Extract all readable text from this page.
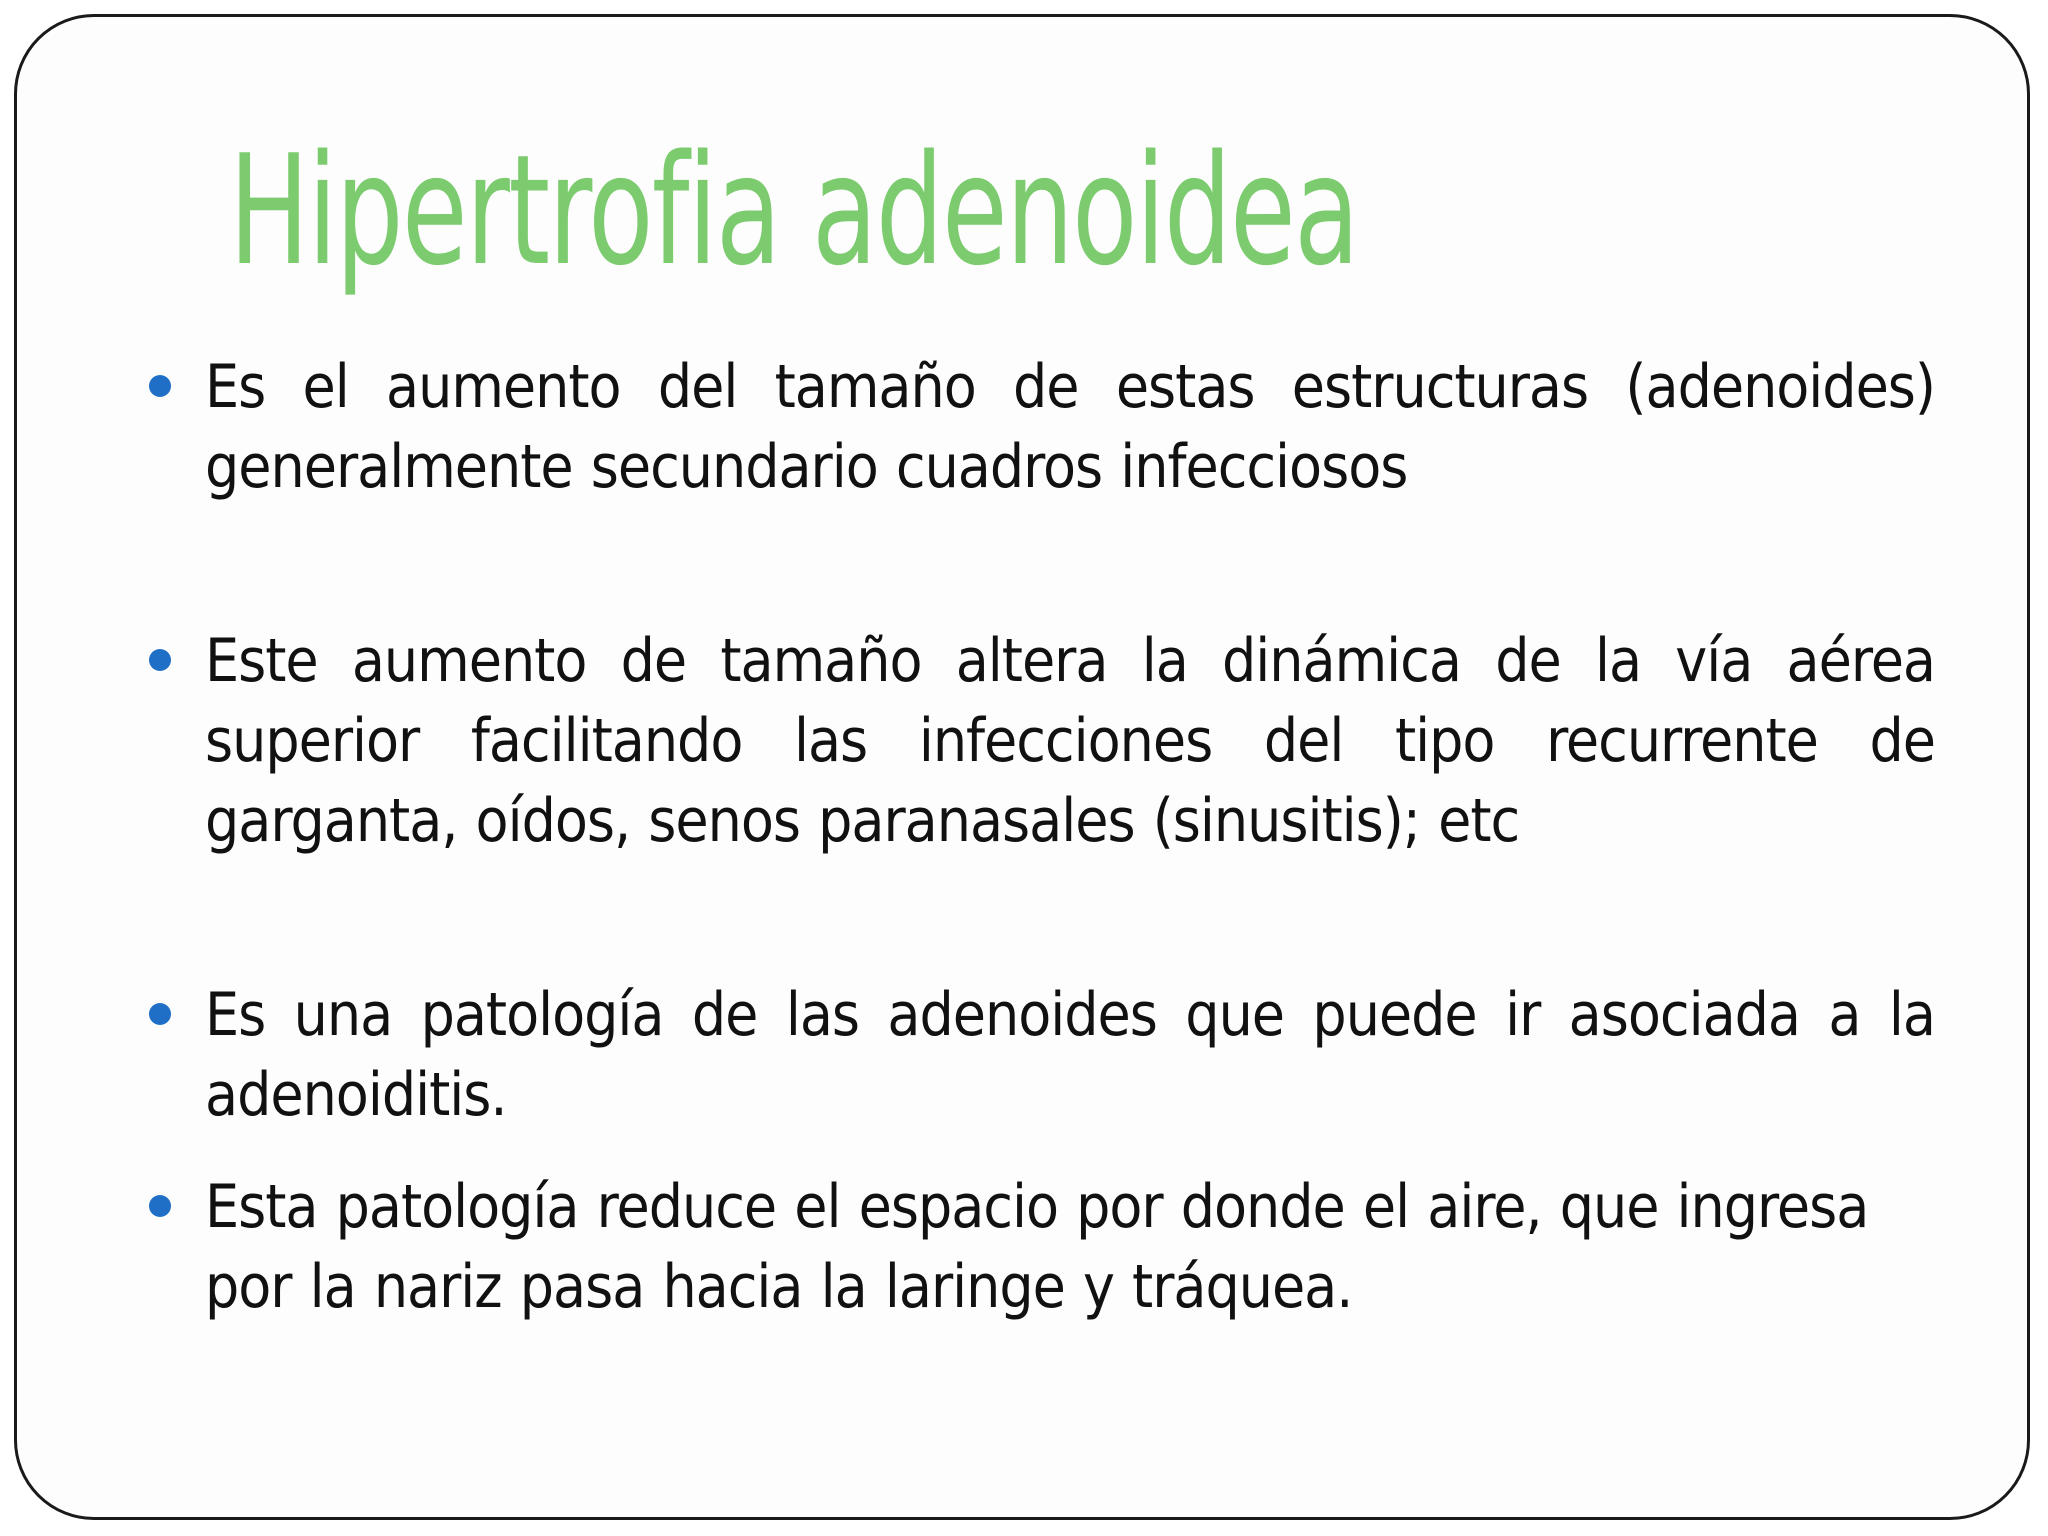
Hipertrofia adenoidea

Es el aumento del tamaño de estas estructuras (adenoides) generalmente secundario cuadros infecciosos

Este aumento de tamaño altera la dinámica de la vía aérea superior facilitando las infecciones del tipo recurrente de garganta, oídos, senos paranasales (sinusitis); etc

Es una patología de las adenoides que puede ir asociada a la adenoiditis.

Esta patología reduce el espacio por donde el aire, que ingresa por la nariz pasa hacia la laringe y tráquea.
